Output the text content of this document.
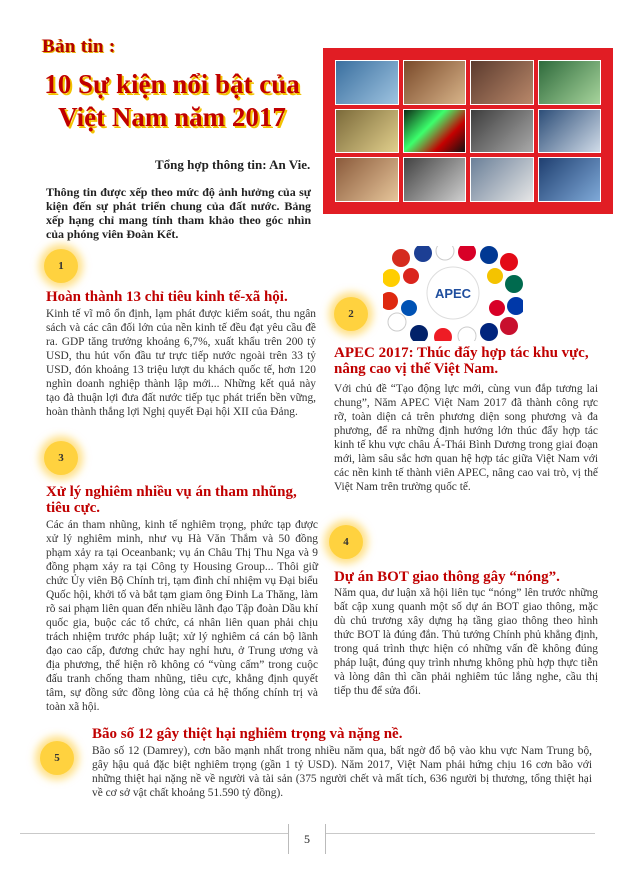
Bản tin :
10 Sự kiện nổi bật của
Việt Nam năm 2017
Tổng hợp thông tin: An Vie.
Thông tin được xếp theo mức độ ảnh hưởng của sự kiện đến sự phát triển chung của đất nước. Bảng xếp hạng chỉ mang tính tham khảo theo góc nhìn của phóng viên Đoàn Kết.
1
Hoàn thành 13 chỉ tiêu kinh tế-xã hội.
Kinh tế vĩ mô ổn định, lạm phát được kiểm soát, thu ngân sách và các cân đối lớn của nền kinh tế đều đạt yêu cầu đề ra. GDP tăng trưởng khoảng 6,7%, xuất khẩu trên 200 tỷ USD, thu hút vốn đầu tư trực tiếp nước ngoài trên 33 tỷ USD, đón khoảng 13 triệu lượt du khách quốc tế, hơn 120 nghìn doanh nghiệp thành lập mới... Những kết quả này tạo đà thuận lợi đưa đất nước tiếp tục phát triển bền vững, hoàn thành thắng lợi Nghị quyết Đại hội XII của Đảng.
APEC
2
APEC 2017: Thúc đẩy hợp tác khu vực, nâng cao vị thế Việt Nam.
Với chủ đề “Tạo động lực mới, cùng vun đắp tương lai chung”, Năm APEC Việt Nam 2017 đã thành công rực rỡ, toàn diện cả trên phương diện song phương và đa phương, để ra những định hướng lớn thúc đẩy hợp tác kinh tế khu vực châu Á-Thái Bình Dương trong giai đoạn mới, làm sâu sắc hơn quan hệ hợp tác giữa Việt Nam với các nền kinh tế thành viên APEC, nâng cao vai trò, vị thế Việt Nam trên trường quốc tế.
3
Xử lý nghiêm nhiều vụ án tham nhũng, tiêu cực.
Các án tham nhũng, kinh tế nghiêm trọng, phức tạp được xử lý nghiêm minh, như vụ Hà Văn Thắm và 50 đồng phạm xảy ra tại Oceanbank; vụ án Châu Thị Thu Nga và 9 đồng phạm xảy ra tại Công ty Housing Group... Thôi giữ chức Ủy viên Bộ Chính trị, tạm đình chỉ nhiệm vụ Đại biểu Quốc hội, khởi tố và bắt tạm giam ông Đinh La Thăng, làm rõ sai phạm liên quan đến nhiều lãnh đạo Tập đoàn Dầu khí quốc gia, buộc các tổ chức, cá nhân liên quan phải chịu trách nhiệm trước pháp luật; xử lý nghiêm cá cán bộ lãnh đạo cao cấp, đương chức hay nghỉ hưu, ở Trung ương và địa phương, thể hiện rõ không có “vùng cấm” trong cuộc đấu tranh chống tham nhũng, tiêu cực, khẳng định quyết tâm, sự đồng sức đồng lòng của cả hệ thống chính trị và toàn xã hội.
4
Dự án BOT giao thông gây “nóng”.
Năm qua, dư luận xã hội liên tục “nóng” lên trước những bất cập xung quanh một số dự án BOT giao thông, mặc dù chủ trương xây dựng hạ tầng giao thông theo hình thức BOT là đúng đắn. Thủ tướng Chính phủ khẳng định, trong quá trình thực hiện có những vấn đề không đúng pháp luật, đúng quy trình nhưng không phù hợp thực tiễn và lòng dân thì cần phải nghiêm túc lắng nghe, cầu thị tiếp thu để sửa đổi.
5
Bão số 12 gây thiệt hại nghiêm trọng và nặng nề.
Bão số 12 (Damrey), cơn bão mạnh nhất trong nhiều năm qua, bất ngờ đổ bộ vào khu vực Nam Trung bộ, gây hậu quả đặc biệt nghiêm trọng (gần 1 tỷ USD). Năm 2017, Việt Nam phải hứng chịu 16 cơn bão với những thiệt hại nặng nề về người và tài sản (375 người chết và mất tích, 636 người bị thương, tổng thiệt hại về cơ sở vật chất khoảng 51.590 tỷ đồng).
5
